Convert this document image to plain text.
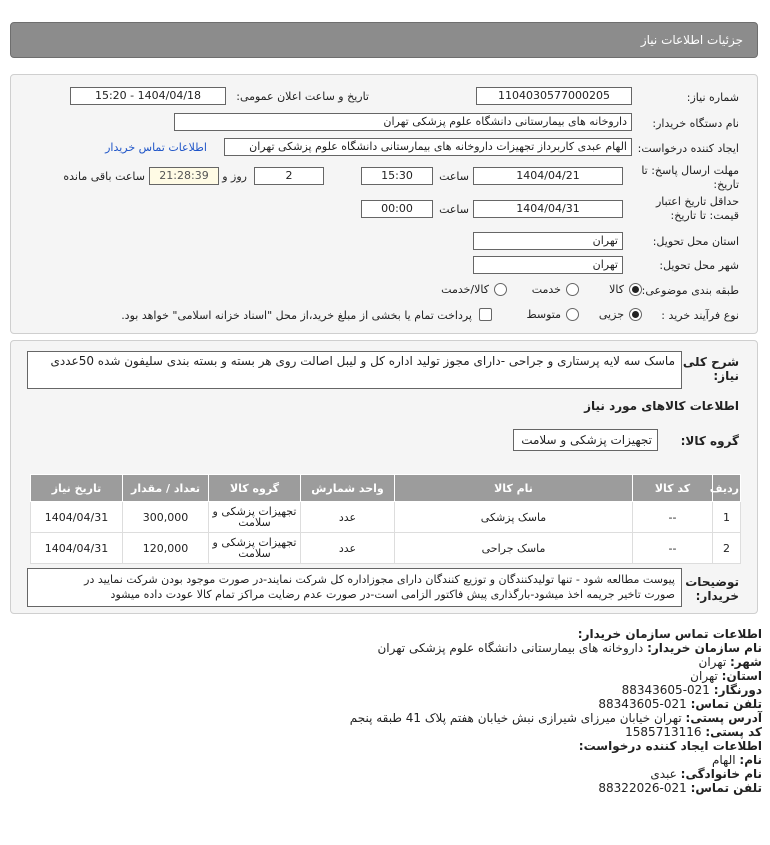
جزئیات اطلاعات نیاز
شماره نیاز:
1104030577000205
تاریخ و ساعت اعلان عمومی:
1404/04/18 - 15:20
نام دستگاه خریدار:
داروخانه های بیمارستانی دانشگاه علوم پزشکی تهران
ایجاد کننده درخواست:
الهام عبدی کاربرداز تجهیزات داروخانه های بیمارستانی دانشگاه علوم پزشکی تهران
اطلاعات تماس خریدار
مهلت ارسال پاسخ: تا
تاریخ:
1404/04/21
ساعت
15:30
2
روز و
21:28:39
ساعت باقی مانده
حداقل تاریخ اعتبار
قیمت: تا تاریخ:
1404/04/31
ساعت
00:00
استان محل تحویل:
تهران
شهر محل تحویل:
تهران
طبقه بندی موضوعی:
کالا
خدمت
کالا/خدمت
نوع فرآیند خرید :
جزیی
متوسط
پرداخت تمام یا بخشی از مبلغ خرید،از محل "اسناد خزانه اسلامی" خواهد بود.
شرح کلی
نیاز:
ماسک سه لایه پرستاری و جراحی -دارای مجوز تولید اداره کل و لیبل اصالت روی هر بسته و بسته بندی سلیفون شده 50عددی
اطلاعات کالاهای مورد نیاز
گروه کالا:
تجهیزات پزشکی و سلامت
توضیحات
خریدار:
پیوست مطالعه شود - تنها تولیدکنندگان و توزیع کنندگان دارای مجوزاداره کل شرکت نمایند-در صورت موجود بودن شرکت نمایید در
صورت تاخیر جریمه اخذ میشود-بارگذاری پیش فاکتور الزامی است-در صورت عدم رضایت مراکز تمام کالا عودت داده میشود
ردیف	کد کالا	نام کالا	واحد شمارش	گروه کالا	تعداد / مقدار	تاریخ نیاز
1	--	ماسک پزشکی	عدد	تجهیزات پزشکی و سلامت	300,000	1404/04/31
2	--	ماسک جراحی	عدد	تجهیزات پزشکی و سلامت	120,000	1404/04/31
اطلاعات تماس سازمان خریدار:
نام سازمان خریدار: داروخانه های بیمارستانی دانشگاه علوم پزشکی تهران
شهر: تهران
استان: تهران
دورنگار: 021-88343605
تلفن تماس: 021-88343605
آدرس پستی: تهران خیابان میرزای شیرازی نبش خیابان هفتم پلاک 41 طبقه پنجم
کد پستی: 1585713116
اطلاعات ایجاد کننده درخواست:
نام: الهام
نام خانوادگی: عبدی
تلفن تماس: 021-88322026
